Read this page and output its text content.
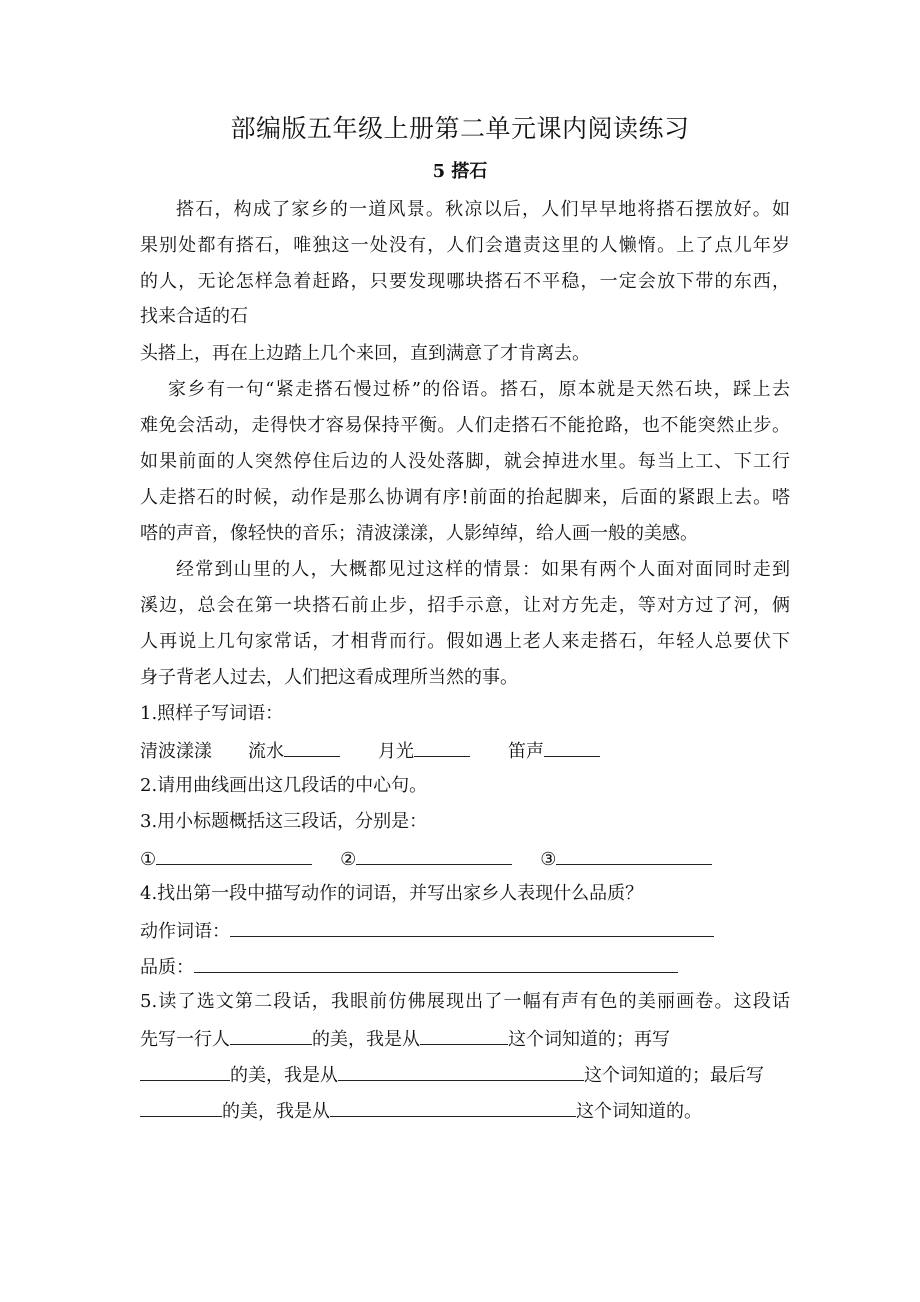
部编版五年级上册第二单元课内阅读练习
5 搭石
搭石，构成了家乡的一道风景。秋凉以后，人们早早地将搭石摆放好。如
果别处都有搭石，唯独这一处没有，人们会遣责这里的人懒惰。上了点儿年岁
的人，无论怎样急着赶路，只要发现哪块搭石不平稳，一定会放下带的东西，
找来合适的石
头搭上，再在上边踏上几个来回，直到满意了才肯离去。
家乡有一句“紧走搭石慢过桥”的俗语。搭石，原本就是天然石块，踩上去
难免会活动，走得快才容易保持平衡。人们走搭石不能抢路，也不能突然止步。
如果前面的人突然停住后边的人没处落脚，就会掉进水里。每当上工、下工行
人走搭石的时候，动作是那么协调有序!前面的抬起脚来，后面的紧跟上去。嗒
嗒的声音，像轻快的音乐；清波漾漾，人影绰绰，给人画一般的美感。
经常到山里的人，大概都见过这样的情景：如果有两个人面对面同时走到
溪边，总会在第一块搭石前止步，招手示意，让对方先走，等对方过了河，俩
人再说上几句家常话，才相背而行。假如遇上老人来走搭石，年轻人总要伏下
身子背老人过去，人们把这看成理所当然的事。
1.照样子写词语：
清波漾漾 流水	月光	笛声
2.请用曲线画出这几段话的中心句。
3.用小标题概括这三段话，分别是：
①	②	③
4.找出第一段中描写动作的词语，并写出家乡人表现什么品质？
动作词语：
品质：
5.读了选文第二段话，我眼前仿佛展现出了一幅有声有色的美丽画卷。这段话
先写一行人	的美，我是从	这个词知道的；再写
的美，我是从	这个词知道的；最后写
的美，我是从	这个词知道的。
